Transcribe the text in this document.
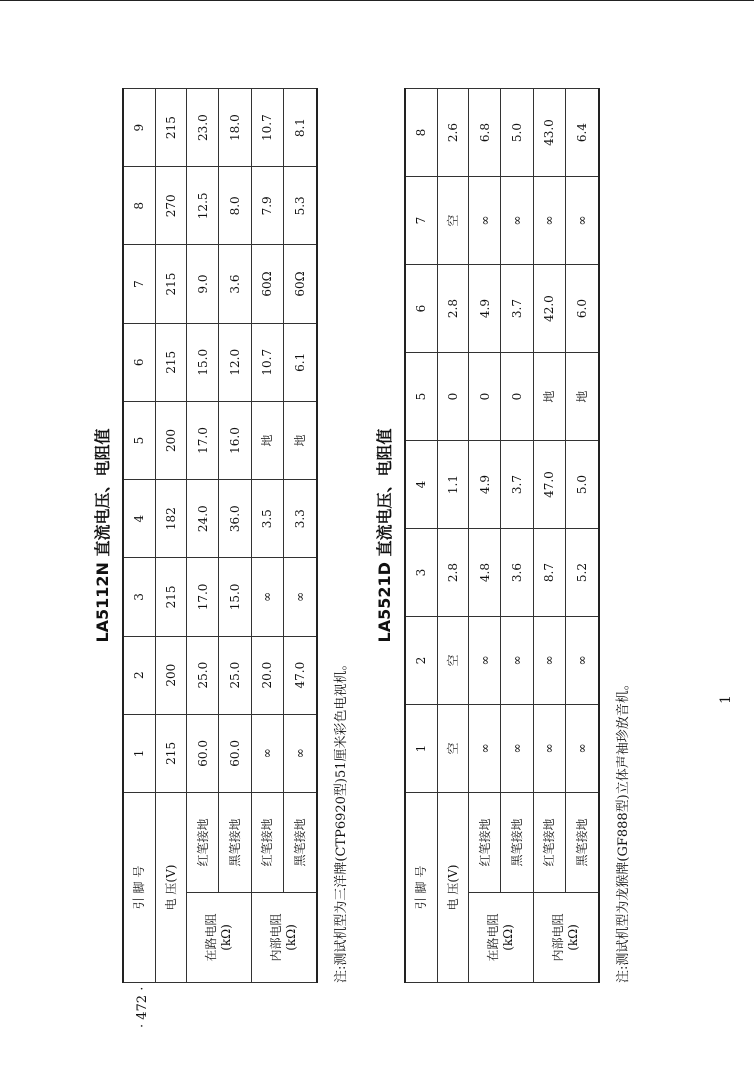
LA5112N 直流电压、电阻值
引 脚 号		1	2	3	4	5	6	7	8	9
电 压(V)		215	200	215	182	200	215	215	270	215
在路电阻
(kΩ)	红笔接地	60.0	25.0	17.0	24.0	17.0	15.0	9.0	12.5	23.0
	黑笔接地	60.0	25.0	15.0	36.0	16.0	12.0	3.6	8.0	18.0
内部电阻
(kΩ)	红笔接地	∞	20.0	∞	3.5	地	10.7	60Ω	7.9	10.7
	黑笔接地	∞	47.0	∞	3.3	地	6.1	60Ω	5.3	8.1
注:测试机型为三洋牌(CTP6920型)51厘米彩色电视机。
LA5521D 直流电压、电阻值
引 脚 号		1	2	3	4	5	6	7	8
电 压(V)		空	空	2.8	1.1	0	2.8	空	2.6
在路电阻
(kΩ)	红笔接地	∞	∞	4.8	4.9	0	4.9	∞	6.8
	黑笔接地	∞	∞	3.6	3.7	0	3.7	∞	5.0
内部电阻
(kΩ)	红笔接地	∞	∞	8.7	47.0	地	42.0	∞	43.0
	黑笔接地	∞	∞	5.2	5.0	地	6.0	∞	6.4
注:测试机型为龙猴牌(GF888型)立体声袖珍放音机。
· 472 ·
1
